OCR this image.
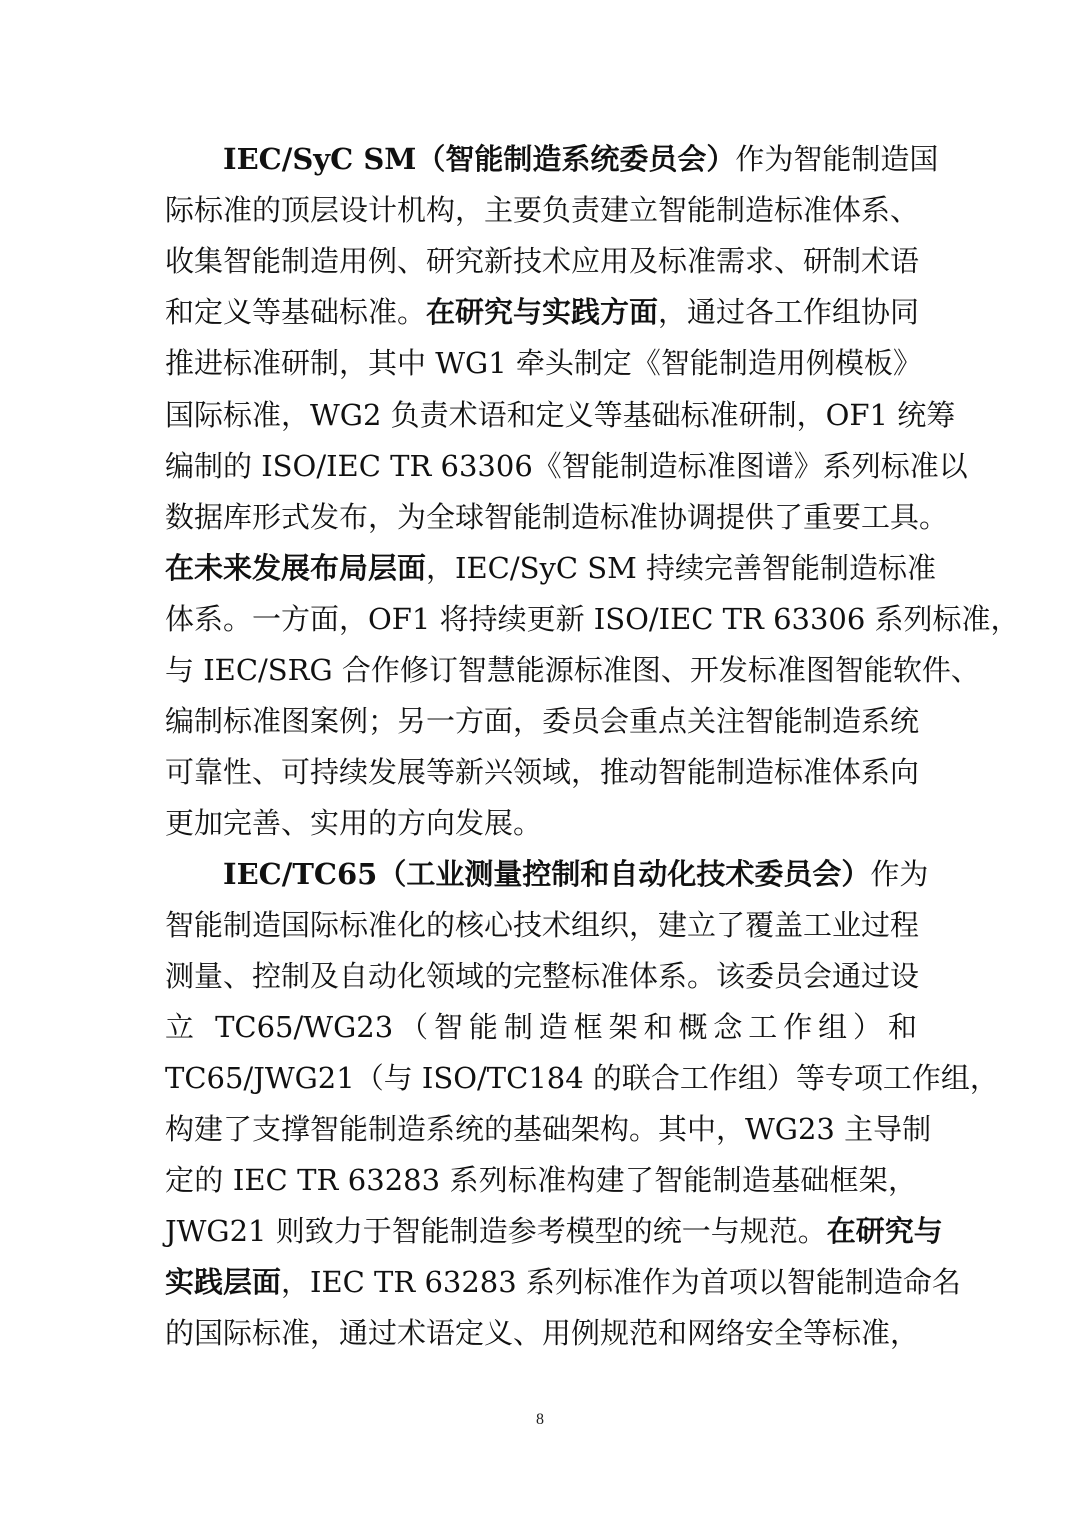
IEC/SyC SM（智能制造系统委员会）作为智能制造国
际标准的顶层设计机构，主要负责建立智能制造标准体系、
收集智能制造用例、研究新技术应用及标准需求、研制术语
和定义等基础标准。在研究与实践方面，通过各工作组协同
推进标准研制，其中 WG1 牵头制定《智能制造用例模板》
国际标准，WG2 负责术语和定义等基础标准研制，OF1 统筹
编制的 ISO/IEC TR 63306《智能制造标准图谱》系列标准以
数据库形式发布，为全球智能制造标准协调提供了重要工具。
在未来发展布局层面，IEC/SyC SM 持续完善智能制造标准
体系。一方面，OF1 将持续更新 ISO/IEC TR 63306 系列标准，
与 IEC/SRG 合作修订智慧能源标准图、开发标准图智能软件、
编制标准图案例；另一方面，委员会重点关注智能制造系统
可靠性、可持续发展等新兴领域，推动智能制造标准体系向
更加完善、实用的方向发展。
IEC/TC65（工业测量控制和自动化技术委员会）作为
智能制造国际标准化的核心技术组织，建立了覆盖工业过程
测量、控制及自动化领域的完整标准体系。该委员会通过设
立 TC65/WG23（智能制造框架和概念工作组）和
TC65/JWG21（与 ISO/TC184 的联合工作组）等专项工作组，
构建了支撑智能制造系统的基础架构。其中，WG23 主导制
定的 IEC TR 63283 系列标准构建了智能制造基础框架，
JWG21 则致力于智能制造参考模型的统一与规范。在研究与
实践层面，IEC TR 63283 系列标准作为首项以智能制造命名
的国际标准，通过术语定义、用例规范和网络安全等标准，
8
